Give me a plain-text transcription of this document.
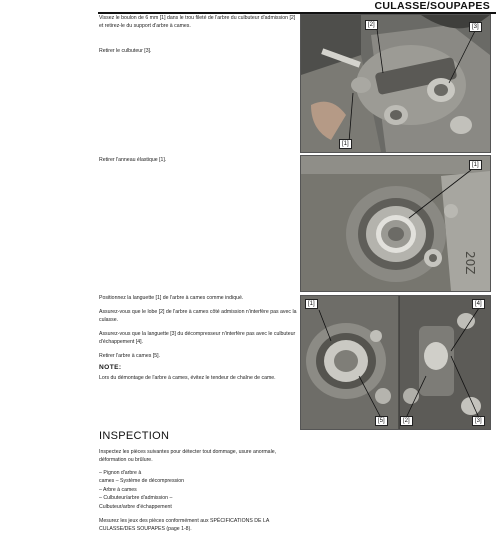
CULASSE/SOUPAPES
Vissez le boulon de 6 mm [1] dans le trou fileté de l'arbre du culbuteur d'admission [2] et retirez-le du support d'arbre à cames.
Retirer le culbuteur [3].
Retirer l'anneau élastique [1].
Positionnez la languette [1] de l'arbre à cames comme indiqué.
Assurez-vous que le lobe [2] de l'arbre à cames côté admission n'interfère pas avec la culasse.
Assurez-vous que la languette [3] du décompresseur n'interfère pas avec le culbuteur d'échappement [4].
Retirer l'arbre à cames [5].
NOTE:
Lors du démontage de l'arbre à cames, évitez le tendeur de chaîne de came.
INSPECTION
Inspectez les pièces suivantes pour détecter tout dommage, usure anormale, déformation ou brûlure.
– Pignon d'arbre à
cames – Système de décompression
– Arbre à cames
– Culbuteur/arbre d'admission –
Culbuteur/arbre d'échappement
Mesurez les jeux des pièces conformément aux SPÉCIFICATIONS DE LA CULASSE/DES SOUPAPES (page 1-8).
[2]	[3]
[1]
20Z
[1]
[1]	[4]
[5]	[2]	[3]
